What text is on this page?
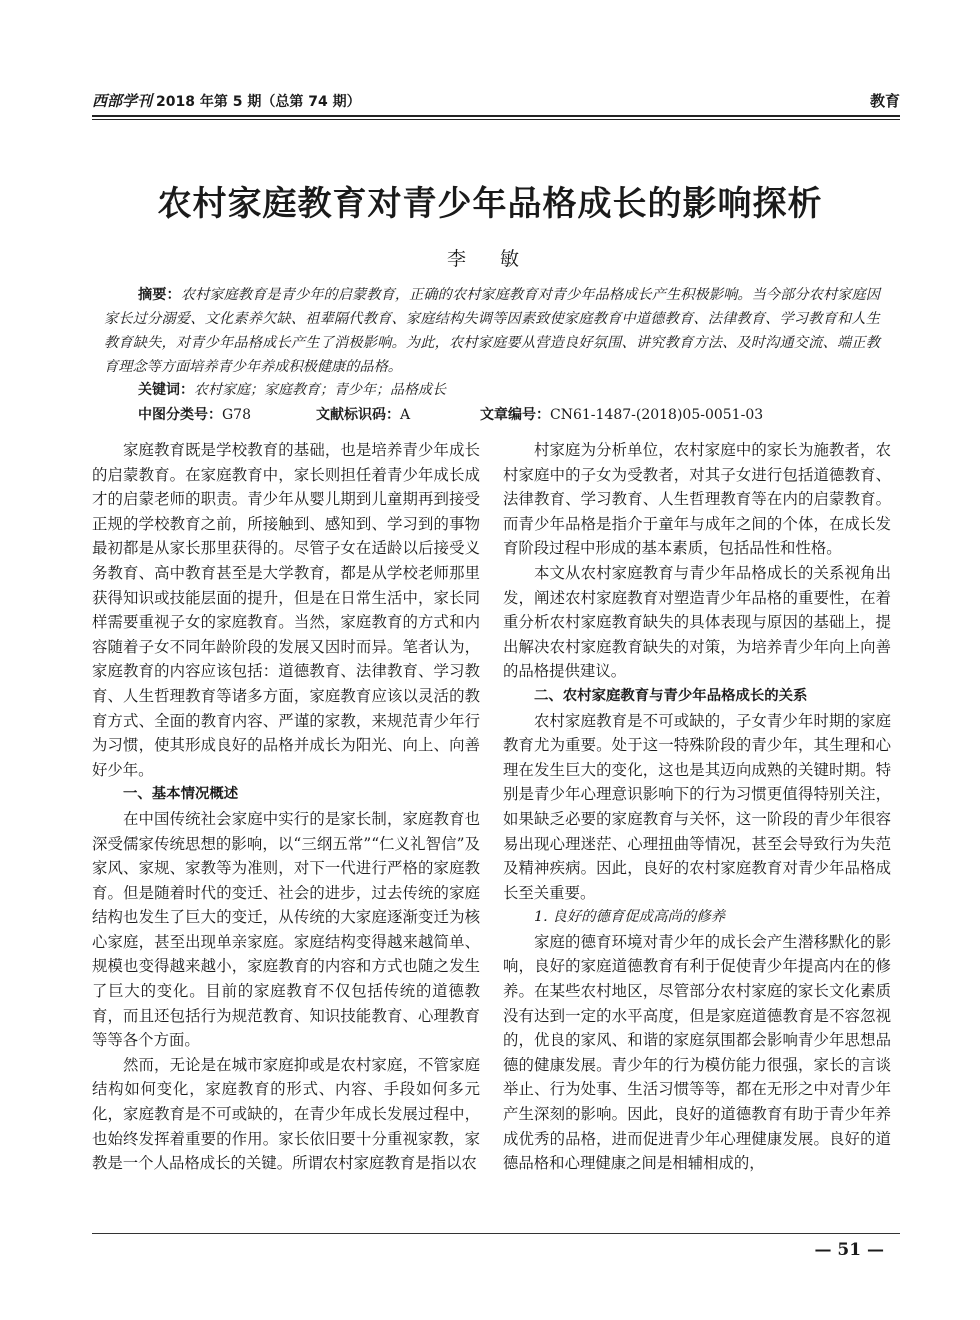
西部学刊 2018 年第 5 期（总第 74 期）	教育
农村家庭教育对青少年品格成长的影响探析
李 敏

摘要：农村家庭教育是青少年的启蒙教育，正确的农村家庭教育对青少年品格成长产生积极影响。当今部分农村家庭因家长过分溺爱、文化素养欠缺、祖辈隔代教育、家庭结构失调等因素致使家庭教育中道德教育、法律教育、学习教育和人生教育缺失，对青少年品格成长产生了消极影响。为此，农村家庭要从营造良好氛围、讲究教育方法、及时沟通交流、端正教育理念等方面培养青少年养成积极健康的品格。

关键词：农村家庭；家庭教育；青少年；品格成长
中图分类号：G78	文献标识码：A	文章编号：CN61-1487-(2018)05-0051-03

家庭教育既是学校教育的基础，也是培养青少年成长的启蒙教育。在家庭教育中，家长则担任着青少年成长成才的启蒙老师的职责。青少年从婴儿期到儿童期再到接受正规的学校教育之前，所接触到、感知到、学习到的事物最初都是从家长那里获得的。尽管子女在适龄以后接受义务教育、高中教育甚至是大学教育，都是从学校老师那里获得知识或技能层面的提升，但是在日常生活中，家长同样需要重视子女的家庭教育。当然，家庭教育的方式和内容随着子女不同年龄阶段的发展又因时而异。笔者认为，家庭教育的内容应该包括：道德教育、法律教育、学习教育、人生哲理教育等诸多方面，家庭教育应该以灵活的教育方式、全面的教育内容、严谨的家教，来规范青少年行为习惯，使其形成良好的品格并成长为阳光、向上、向善好少年。

一、基本情况概述

在中国传统社会家庭中实行的是家长制，家庭教育也深受儒家传统思想的影响，以“三纲五常”“仁义礼智信”及家风、家规、家教等为准则，对下一代进行严格的家庭教育。但是随着时代的变迁、社会的进步，过去传统的家庭结构也发生了巨大的变迁，从传统的大家庭逐渐变迁为核心家庭，甚至出现单亲家庭。家庭结构变得越来越简单、规模也变得越来越小，家庭教育的内容和方式也随之发生了巨大的变化。目前的家庭教育不仅包括传统的道德教育，而且还包括行为规范教育、知识技能教育、心理教育等等各个方面。

然而，无论是在城市家庭抑或是农村家庭，不管家庭结构如何变化，家庭教育的形式、内容、手段如何多元化，家庭教育是不可或缺的，在青少年成长发展过程中，也始终发挥着重要的作用。家长依旧要十分重视家教，家教是一个人品格成长的关键。所谓农村家庭教育是指以农

村家庭为分析单位，农村家庭中的家长为施教者，农村家庭中的子女为受教者，对其子女进行包括道德教育、法律教育、学习教育、人生哲理教育等在内的启蒙教育。而青少年品格是指介于童年与成年之间的个体，在成长发育阶段过程中形成的基本素质，包括品性和性格。

本文从农村家庭教育与青少年品格成长的关系视角出发，阐述农村家庭教育对塑造青少年品格的重要性，在着重分析农村家庭教育缺失的具体表现与原因的基础上，提出解决农村家庭教育缺失的对策，为培养青少年向上向善的品格提供建议。

二、农村家庭教育与青少年品格成长的关系

农村家庭教育是不可或缺的，子女青少年时期的家庭教育尤为重要。处于这一特殊阶段的青少年，其生理和心理在发生巨大的变化，这也是其迈向成熟的关键时期。特别是青少年心理意识影响下的行为习惯更值得特别关注，如果缺乏必要的家庭教育与关怀，这一阶段的青少年很容易出现心理迷茫、心理扭曲等情况，甚至会导致行为失范及精神疾病。因此，良好的农村家庭教育对青少年品格成长至关重要。

1. 良好的德育促成高尚的修养

家庭的德育环境对青少年的成长会产生潜移默化的影响，良好的家庭道德教育有利于促使青少年提高内在的修养。在某些农村地区，尽管部分农村家庭的家长文化素质没有达到一定的水平高度，但是家庭道德教育是不容忽视的，优良的家风、和谐的家庭氛围都会影响青少年思想品德的健康发展。青少年的行为模仿能力很强，家长的言谈举止、行为处事、生活习惯等等，都在无形之中对青少年产生深刻的影响。因此，良好的道德教育有助于青少年养成优秀的品格，进而促进青少年心理健康发展。良好的道德品格和心理健康之间是相辅相成的，

— 51 —
